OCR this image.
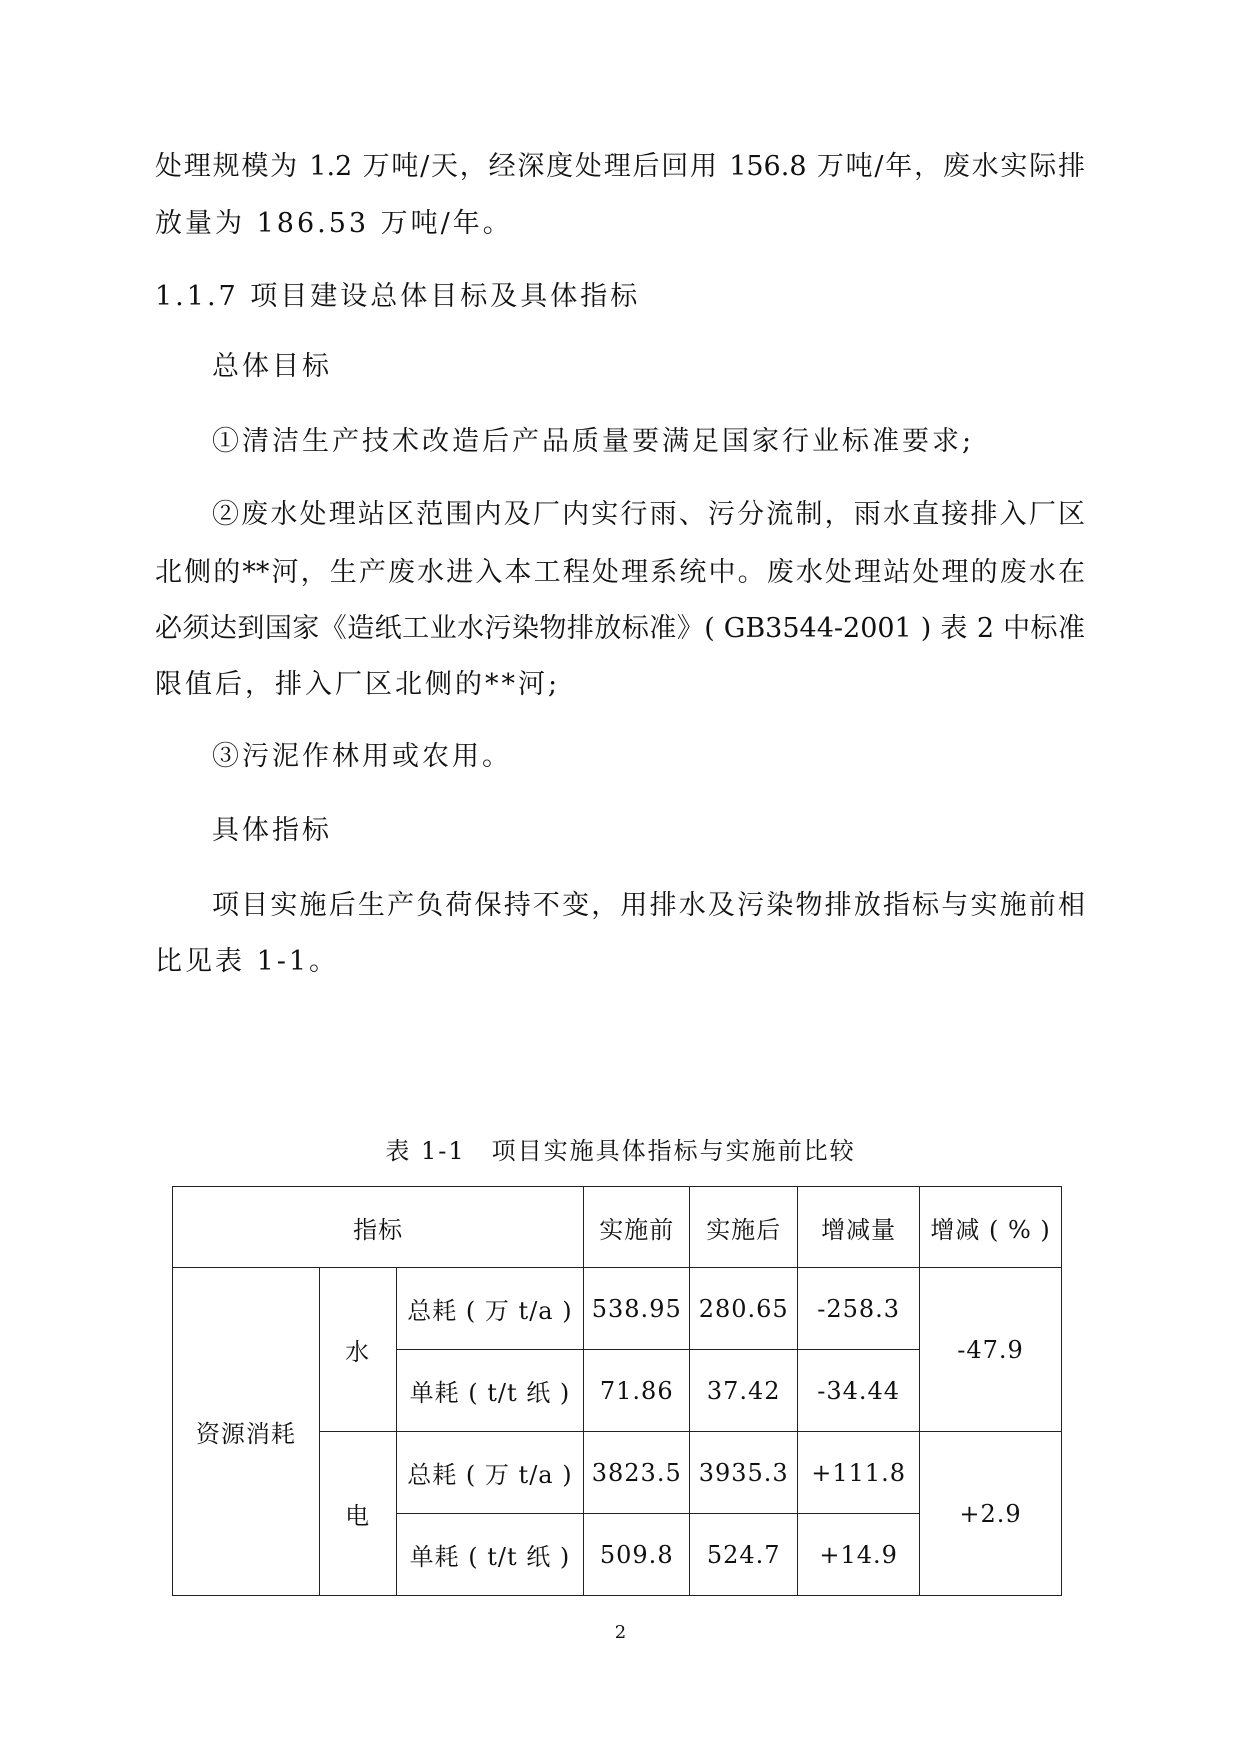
处理规模为 1.2 万吨/天，经深度处理后回用 156.8 万吨/年，废水实际排
放量为 186.53 万吨/年。
1.1.7 项目建设总体目标及具体指标
总体目标
①清洁生产技术改造后产品质量要满足国家行业标准要求;
②废水处理站区范围内及厂内实行雨、污分流制，雨水直接排入厂区
北侧的**河，生产废水进入本工程处理系统中。废水处理站处理的废水在
必须达到国家《造纸工业水污染物排放标准》( GB3544-2001 ) 表 2 中标准
限值后，排入厂区北侧的**河;
③污泥作林用或农用。
具体指标
项目实施后生产负荷保持不变，用排水及污染物排放指标与实施前相
比见表 1-1。
表 1-1　项目实施具体指标与实施前比较
指标			实施前	实施后	增减量	增减 ( % )
资源消耗	水	总耗 ( 万 t/a )	538.95	280.65	-258.3	-47.9
		单耗 ( t/t 纸 )	71.86	37.42	-34.44	
	电	总耗 ( 万 t/a )	3823.5	3935.3	+111.8	+2.9
		单耗 ( t/t 纸 )	509.8	524.7	+14.9	
2
